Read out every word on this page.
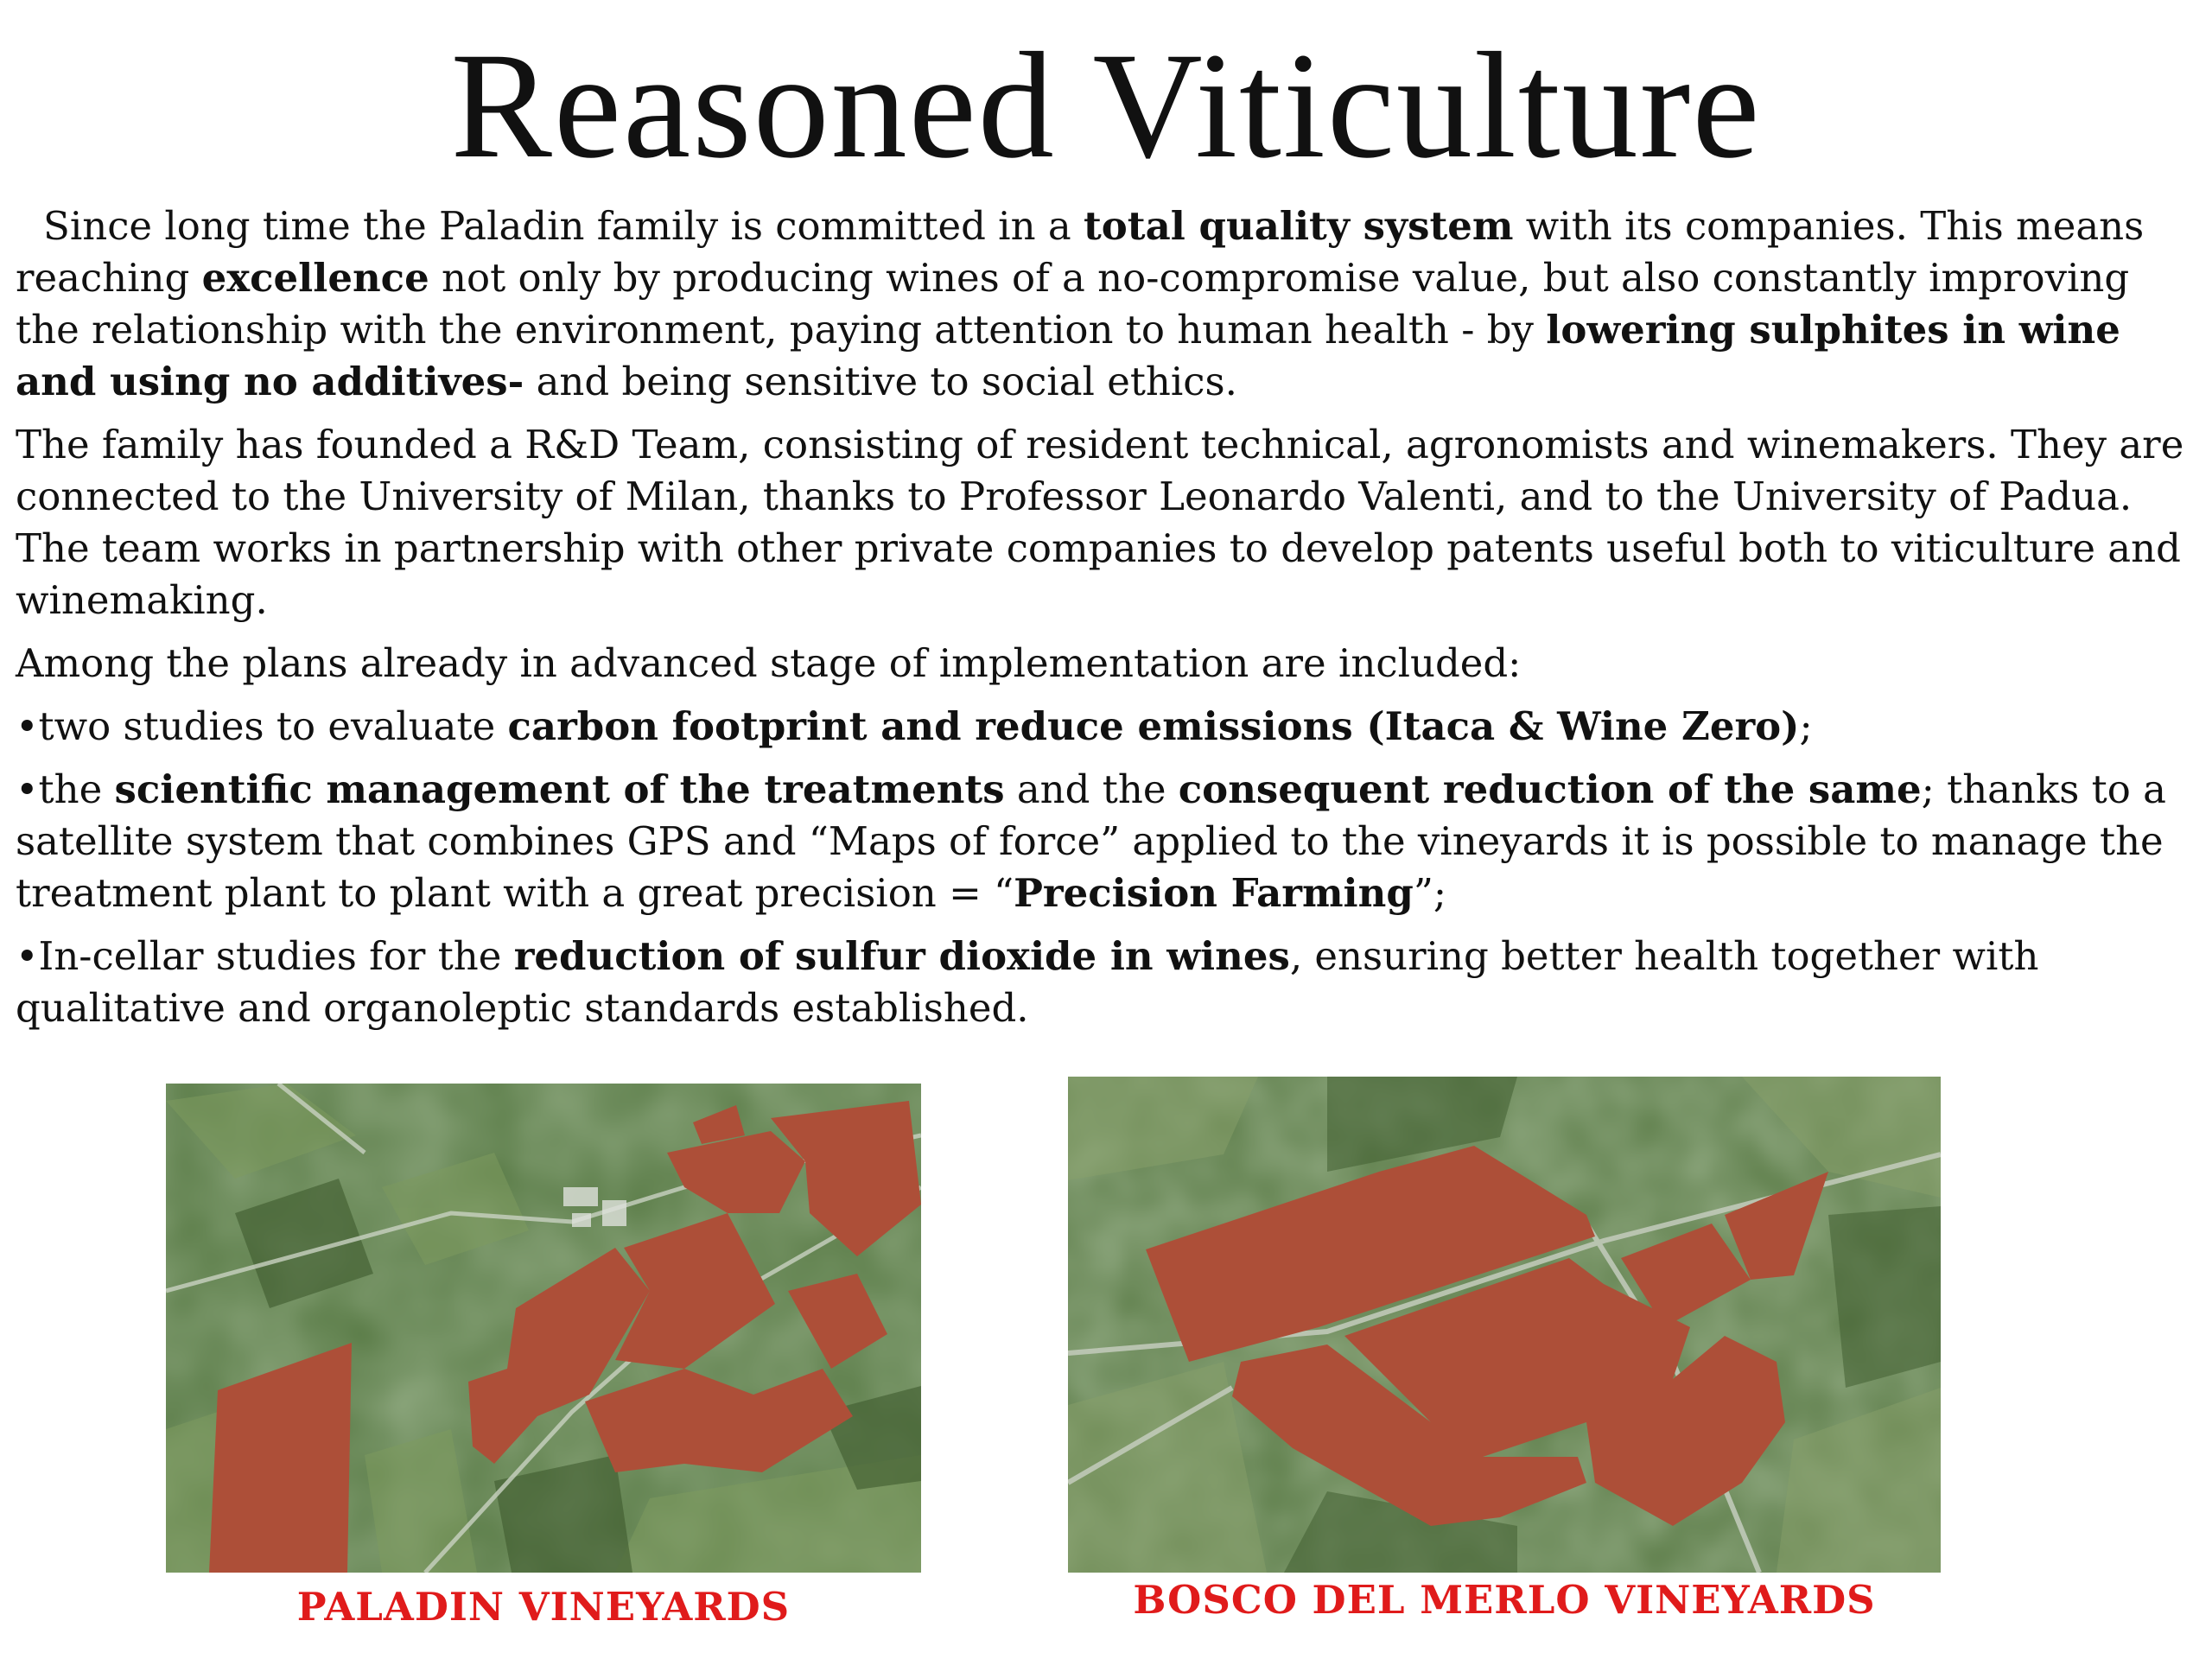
Reasoned Viticulture

Since long time the Paladin family is committed in a total quality system with its companies. This means reaching excellence not only by producing wines of a no-compromise value, but also constantly improving the relationship with the environment, paying attention to human health - by lowering sulphites in wine and using no additives- and being sensitive to social ethics.

The family has founded a R&D Team, consisting of resident technical, agronomists and winemakers. They are connected to the University of Milan, thanks to Professor Leonardo Valenti, and to the University of Padua. The team works in partnership with other private companies to develop patents useful both to viticulture and winemaking.

Among the plans already in advanced stage of implementation are included:

•two studies to evaluate carbon footprint and reduce emissions (Itaca & Wine Zero);

•the scientific management of the treatments and the consequent reduction of the same; thanks to a satellite system that combines GPS and “Maps of force” applied to the vineyards it is possible to manage the treatment plant to plant with a great precision = “Precision Farming”;

•In-cellar studies for the reduction of sulfur dioxide in wines, ensuring better health together with qualitative and organoleptic standards established.

PALADIN VINEYARDS	BOSCO DEL MERLO VINEYARDS
